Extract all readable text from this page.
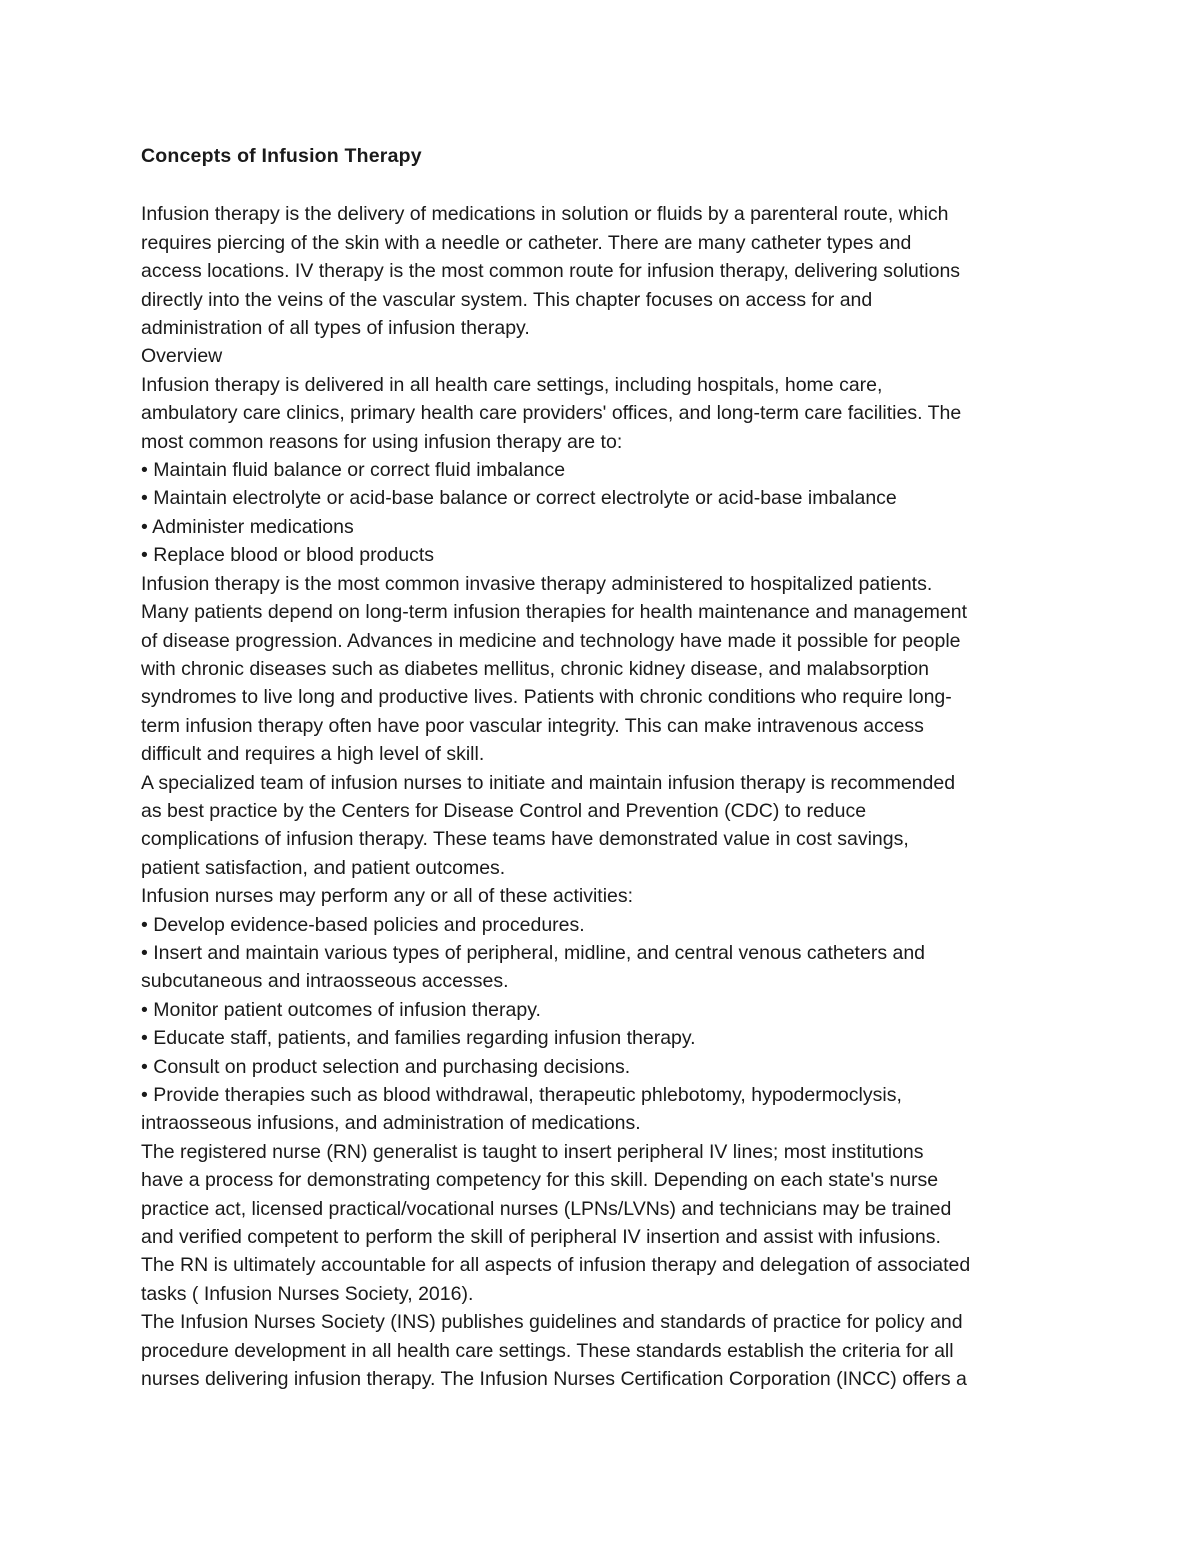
Concepts of Infusion Therapy

Infusion therapy is the delivery of medications in solution or fluids by a parenteral route, which

requires piercing of the skin with a needle or catheter. There are many catheter types and

access locations. IV therapy is the most common route for infusion therapy, delivering solutions

directly into the veins of the vascular system. This chapter focuses on access for and

administration of all types of infusion therapy.

Overview

Infusion therapy is delivered in all health care settings, including hospitals, home care,

ambulatory care clinics, primary health care providers' offices, and long-term care facilities. The

most common reasons for using infusion therapy are to:

• Maintain fluid balance or correct fluid imbalance

• Maintain electrolyte or acid-base balance or correct electrolyte or acid-base imbalance

• Administer medications

• Replace blood or blood products

Infusion therapy is the most common invasive therapy administered to hospitalized patients.

Many patients depend on long-term infusion therapies for health maintenance and management

of disease progression. Advances in medicine and technology have made it possible for people

with chronic diseases such as diabetes mellitus, chronic kidney disease, and malabsorption

syndromes to live long and productive lives. Patients with chronic conditions who require long-

term infusion therapy often have poor vascular integrity. This can make intravenous access

difficult and requires a high level of skill.

A specialized team of infusion nurses to initiate and maintain infusion therapy is recommended

as best practice by the Centers for Disease Control and Prevention (CDC) to reduce

complications of infusion therapy. These teams have demonstrated value in cost savings,

patient satisfaction, and patient outcomes.

Infusion nurses may perform any or all of these activities:

• Develop evidence-based policies and procedures.

• Insert and maintain various types of peripheral, midline, and central venous catheters and

subcutaneous and intraosseous accesses.

• Monitor patient outcomes of infusion therapy.

• Educate staff, patients, and families regarding infusion therapy.

• Consult on product selection and purchasing decisions.

• Provide therapies such as blood withdrawal, therapeutic phlebotomy, hypodermoclysis,

intraosseous infusions, and administration of medications.

The registered nurse (RN) generalist is taught to insert peripheral IV lines; most institutions

have a process for demonstrating competency for this skill. Depending on each state's nurse

practice act, licensed practical/vocational nurses (LPNs/LVNs) and technicians may be trained

and verified competent to perform the skill of peripheral IV insertion and assist with infusions.

The RN is ultimately accountable for all aspects of infusion therapy and delegation of associated

tasks ( Infusion Nurses Society, 2016).

The Infusion Nurses Society (INS) publishes guidelines and standards of practice for policy and

procedure development in all health care settings. These standards establish the criteria for all

nurses delivering infusion therapy. The Infusion Nurses Certification Corporation (INCC) offers a
